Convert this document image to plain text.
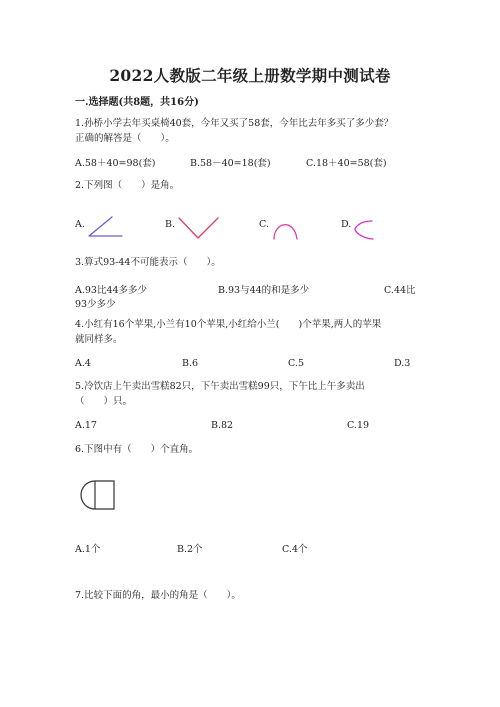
2022人教版二年级上册数学期中测试卷
一.选择题(共8题，共16分)
1.孙桥小学去年买桌椅40套，今年又买了58套，今年比去年多买了多少套？
正确的解答是（　　）。
A.58＋40=98(套)	B.58－40=18(套)	C.18＋40=58(套)
2.下列图（　　）是角。
A.	B.	C.	D.
3.算式93-44不可能表示（　　）。
A.93比44多多少	B.93与44的和是多少	C.44比
93少多少
4.小红有16个苹果,小兰有10个苹果,小红给小兰(　　)个苹果,两人的苹果
就同样多。
A.4	B.6	C.5	D.3
5.冷饮店上午卖出雪糕82只，下午卖出雪糕99只，下午比上午多卖出
（　　）只。
A.17	B.82	C.19
6.下图中有（　　）个直角。
A.1个	B.2个	C.4个
7.比较下面的角，最小的角是（　　）。
